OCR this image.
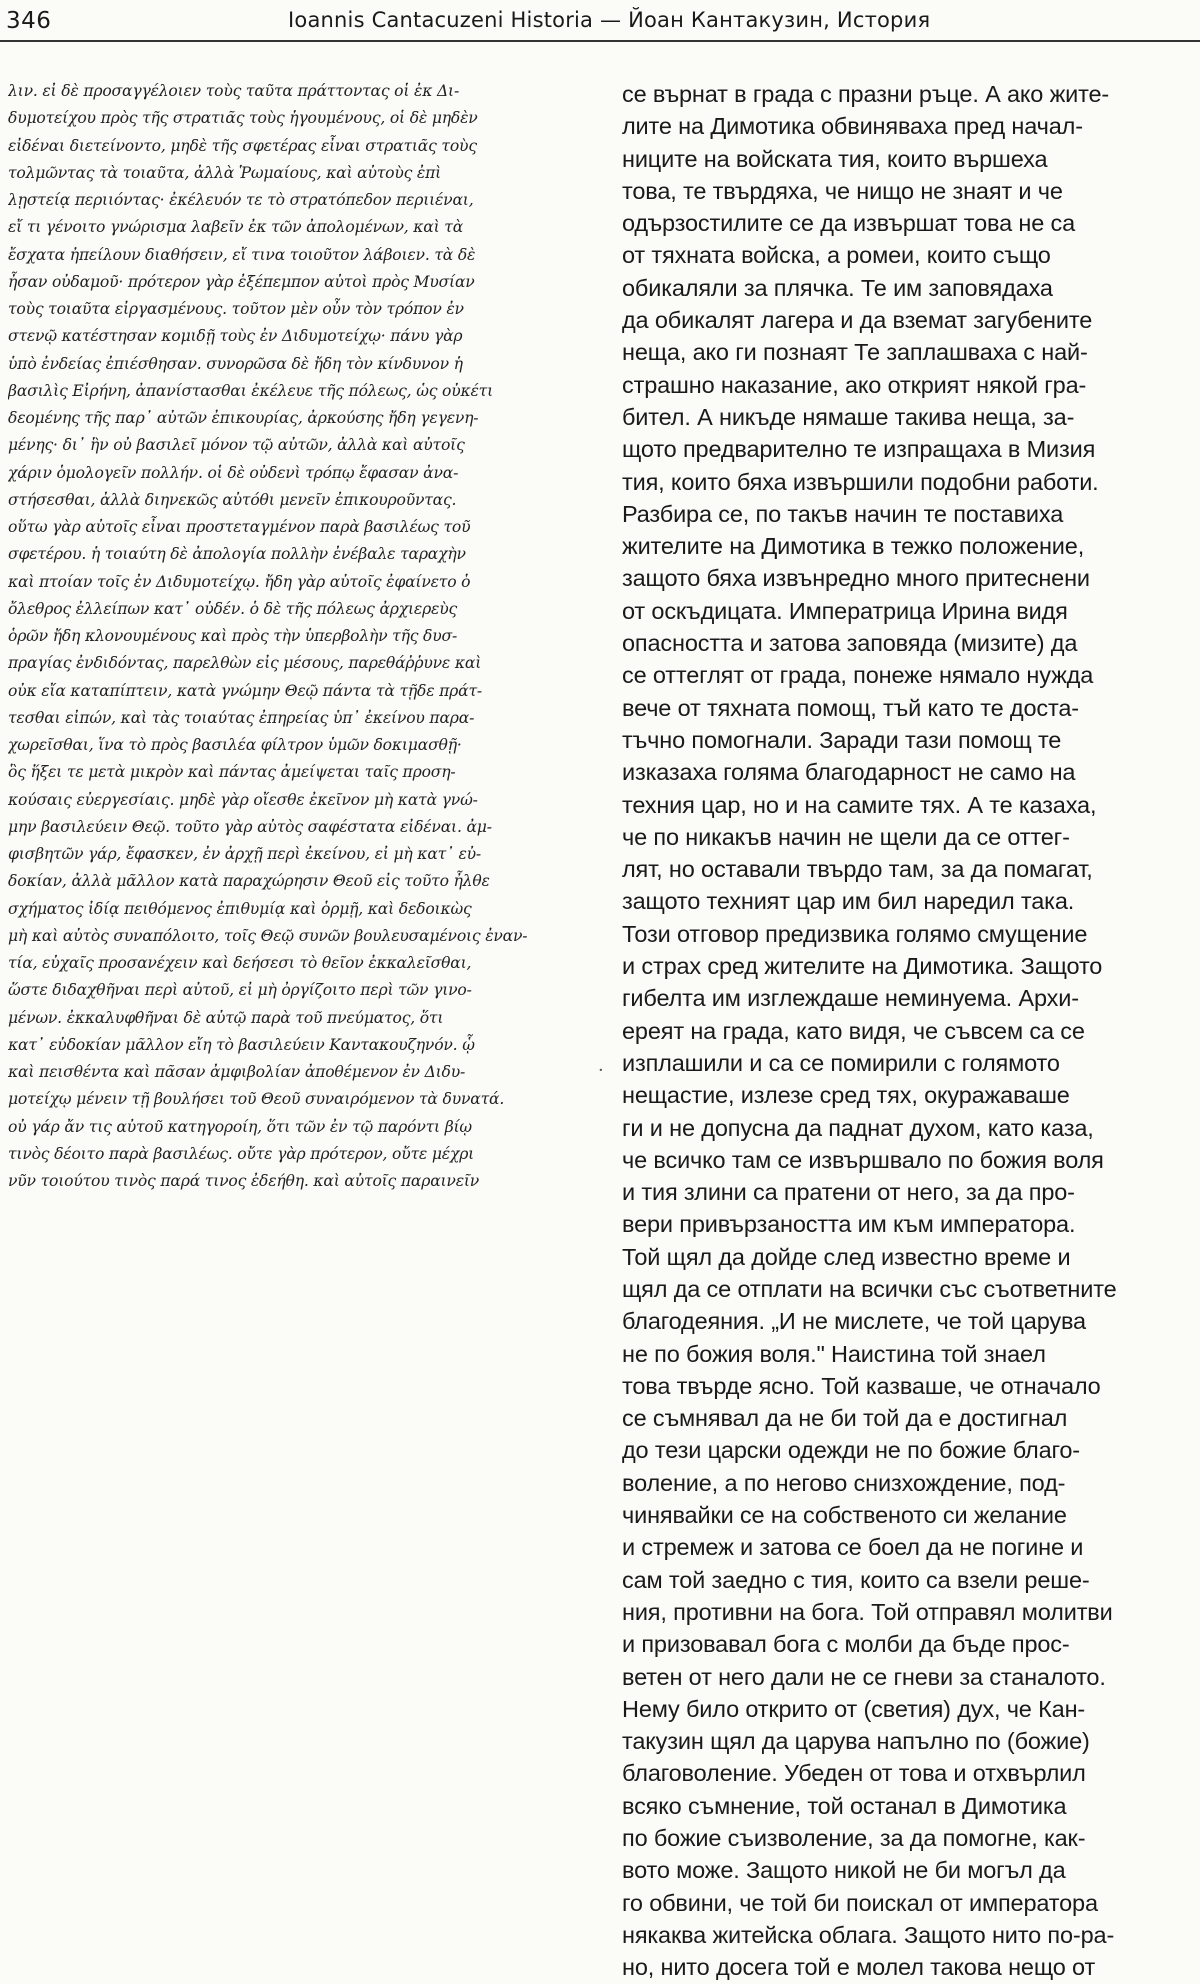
346	Ioannis Cantacuzeni Historia — Йоан Кантакузин, История
λιν. εἰ δὲ προσαγγέλοιεν τοὺς ταῦτα πράττοντας οἱ ἐκ Δι-
δυμοτείχου πρὸς τῆς στρατιᾶς τοὺς ἡγουμένους, οἱ δὲ μηδὲν
εἰδέναι διετείνοντο, μηδὲ τῆς σφετέρας εἶναι στρατιᾶς τοὺς
τολμῶντας τὰ τοιαῦτα, ἀλλὰ Ῥωμαίους, καὶ αὐτοὺς ἐπὶ
λῃστείᾳ περιιόντας· ἐκέλευόν τε τὸ στρατόπεδον περιιέναι,
εἴ τι γένοιτο γνώρισμα λαβεῖν ἐκ τῶν ἀπολομένων, καὶ τὰ
ἔσχατα ἠπείλουν διαθήσειν, εἴ τινα τοιοῦτον λάβοιεν. τὰ δὲ
ἦσαν οὐδαμοῦ· πρότερον γὰρ ἐξέπεμπον αὐτοὶ πρὸς Μυσίαν
τοὺς τοιαῦτα εἰργασμένους. τοῦτον μὲν οὖν τὸν τρόπον ἐν
στενῷ κατέστησαν κομιδῇ τοὺς ἐν Διδυμοτείχῳ· πάνυ γὰρ
ὑπὸ ἐνδείας ἐπιέσθησαν. συνορῶσα δὲ ἤδη τὸν κίνδυνον ἡ
βασιλὶς Εἰρήνη, ἀπανίστασθαι ἐκέλευε τῆς πόλεως, ὡς οὐκέτι
δεομένης τῆς παρ᾿ αὐτῶν ἐπικουρίας, ἀρκούσης ἤδη γεγενη-
μένης· δι᾿ ἣν οὐ βασιλεῖ μόνον τῷ αὐτῶν, ἀλλὰ καὶ αὐτοῖς
χάριν ὁμολογεῖν πολλήν. οἱ δὲ οὐδενὶ τρόπῳ ἔφασαν ἀνα-
στήσεσθαι, ἀλλὰ διηνεκῶς αὐτόθι μενεῖν ἐπικουροῦντας.
οὕτω γὰρ αὐτοῖς εἶναι προστεταγμένον παρὰ βασιλέως τοῦ
σφετέρου. ἡ τοιαύτη δὲ ἀπολογία πολλὴν ἐνέβαλε ταραχὴν
καὶ πτοίαν τοῖς ἐν Διδυμοτείχῳ. ἤδη γὰρ αὐτοῖς ἐφαίνετο ὁ
ὄλεθρος ἐλλείπων κατ᾿ οὐδέν. ὁ δὲ τῆς πόλεως ἀρχιερεὺς
ὁρῶν ἤδη κλονουμένους καὶ πρὸς τὴν ὑπερβολὴν τῆς δυσ-
πραγίας ἐνδιδόντας, παρελθὼν εἰς μέσους, παρεθάῤῥυνε καὶ
οὐκ εἴα καταπίπτειν, κατὰ γνώμην Θεῷ πάντα τὰ τῇδε πράτ-
τεσθαι εἰπών, καὶ τὰς τοιαύτας ἐπηρείας ὑπ᾿ ἐκείνου παρα-
χωρεῖσθαι, ἵνα τὸ πρὸς βασιλέα φίλτρον ὑμῶν δοκιμασθῇ·
ὃς ἥξει τε μετὰ μικρὸν καὶ πάντας ἀμείψεται ταῖς προση-
κούσαις εὐεργεσίαις. μηδὲ γὰρ οἴεσθε ἐκεῖνον μὴ κατὰ γνώ-
μην βασιλεύειν Θεῷ. τοῦτο γὰρ αὐτὸς σαφέστατα εἰδέναι. ἀμ-
φισβητῶν γάρ, ἔφασκεν, ἐν ἀρχῇ περὶ ἐκείνου, εἰ μὴ κατ᾿ εὐ-
δοκίαν, ἀλλὰ μᾶλλον κατὰ παραχώρησιν Θεοῦ εἰς τοῦτο ἦλθε
σχήματος ἰδίᾳ πειθόμενος ἐπιθυμίᾳ καὶ ὁρμῇ, καὶ δεδοικὼς
μὴ καὶ αὐτὸς συναπόλοιτο, τοῖς Θεῷ συνῶν βουλευσαμένοις ἐναν-
τία, εὐχαῖς προσανέχειν καὶ δεήσεσι τὸ θεῖον ἐκκαλεῖσθαι,
ὥστε διδαχθῆναι περὶ αὐτοῦ, εἰ μὴ ὀργίζοιτο περὶ τῶν γινο-
μένων. ἐκκαλυφθῆναι δὲ αὐτῷ παρὰ τοῦ πνεύματος, ὅτι
κατ᾿ εὐδοκίαν μᾶλλον εἴη τὸ βασιλεύειν Καντακουζηνόν. ᾧ
καὶ πεισθέντα καὶ πᾶσαν ἀμφιβολίαν ἀποθέμενον ἐν Διδυ-
μοτείχῳ μένειν τῇ βουλήσει τοῦ Θεοῦ συναιρόμενον τὰ δυνατά.
οὐ γάρ ἄν τις αὐτοῦ κατηγοροίη, ὅτι τῶν ἐν τῷ παρόντι βίῳ
τινὸς δέοιτο παρὰ βασιλέως. οὔτε γὰρ πρότερον, οὔτε μέχρι
νῦν τοιούτου τινὸς παρά τινος ἐδεήθη. καὶ αὐτοῖς παραινεῖν
се върнат в града с празни ръце. А ако жите-
лите на Димотика обвиняваха пред начал-
ниците на войската тия, които вършеха
това, те твърдяха, че нищо не знаят и че
одързостилите се да извършат това не са
от тяхната войска, а ромеи, които също
обикаляли за плячка. Те им заповядаха
да обикалят лагера и да вземат загубените
неща, ако ги познаят Те заплашваха с най-
страшно наказание, ако открият някой гра-
бител. А никъде нямаше такива неща, за-
щото предварително те изпращаха в Мизия
тия, които бяха извършили подобни работи.
Разбира се, по такъв начин те поставиха
жителите на Димотика в тежко положение,
защото бяха извънредно много притеснени
от оскъдицата. Императрица Ирина видя
опасността и затова заповяда (мизите) да
се оттеглят от града, понеже нямало нужда
вече от тяхната помощ, тъй като те доста-
тъчно помогнали. Заради тази помощ те
изказаха голяма благодарност не само на
техния цар, но и на самите тях. А те казаха,
че по никакъв начин не щели да се оттег-
лят, но оставали твърдо там, за да помагат,
защото техният цар им бил наредил така.
Този отговор предизвика голямо смущение
и страх сред жителите на Димотика. Защото
гибелта им изглеждаше неминуема. Архи-
ереят на града, като видя, че съвсем са се
изплашили и са се помирили с голямото
нещастие, излезе сред тях, окуражаваше
ги и не допусна да паднат духом, като каза,
че всичко там се извършвало по божия воля
и тия злини са пратени от него, за да про-
вери привързаността им към императора.
Той щял да дойде след известно време и
щял да се отплати на всички със съответните
благодеяния. „И не мислете, че той царува
не по божия воля." Наистина той знаел
това твърде ясно. Той казваше, че отначало
се съмнявал да не би той да е достигнал
до тези царски одежди не по божие благо-
воление, а по негово снизхождение, под-
чинявайки се на собственото си желание
и стремеж и затова се боел да не погине и
сам той заедно с тия, които са взели реше-
ния, противни на бога. Той отправял молитви
и призовавал бога с молби да бъде прос-
ветен от него дали не се гневи за станалото.
Нему било открито от (светия) дух, че Кан-
такузин щял да царува напълно по (божие)
благоволение. Убеден от това и отхвърлил
всяко съмнение, той останал в Димотика
по божие съизволение, за да помогне, как-
вото може. Защото никой не би могъл да
го обвини, че той би поискал от императора
някаква житейска облага. Защото нито по-ра-
но, нито досега той е молел такова нещо от
·
